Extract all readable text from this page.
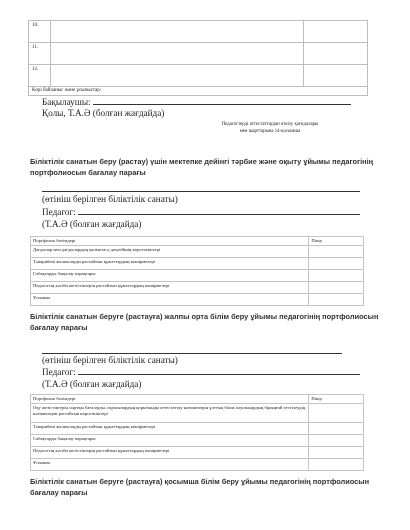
10.		
11.		
12.		
Көрі байланыс және ұсыныстар:		
Бақылаушы:
Қолы, Т.А.Ә (болған жағдайда)
Педагогтерді аттестаттаудан өткізу қағидалары мен шарттарына 14-қосымша
Біліктілік санатын беру (растау) үшін мектепке дейінгі тәрбие және оқыту ұйымы педагогінің портфолиосын бағалау парағы
(өтініш берілген біліктілік санаты)
Педагог:
(Т.А.Ә (болған жағдайда)
Портфолио бөлімдері	Пікір
Дағдылар мен дағдылардың қалыптасу деңгейінің көрсеткіштері	
Тәжірибені жалпылауды растайтын құжаттардың көшірмелері	
Сабақтарды бақылау парақтары	
Педагогтің кәсіби жетістіктерін растайтын құжаттардың көшірмелері	
Ұсыным	
Біліктілік санатын беруге (растауға) жалпы орта білім беру ұйымы педагогінің портфолиосын бағалау парағы
(өтініш берілген біліктілік санаты)
Педагог:
(Т.А.Ә (болған жағдайда)
Портфолио бөлімдері	Пікір
Оқу жетістіктерін сыртқы бағалауды, оқушылардың қорытынды аттестаттау нәтижелерін ұлттық білім алушылардың бірыңғай тестілеудің нәтижелерін растайтын көрсеткіштері	
Тәжірибені жалпылауды растайтын құжаттардың көшірмелері	
Сабақтарды бақылау парақтары	
Педагогтің кәсіби жетістіктерін растайтын құжаттардың көшірмелері	
Ұсыным	
Біліктілік санатын беруге (растауға) қосымша білім беру ұйымы педагогінің портфолиосын бағалау парағы
